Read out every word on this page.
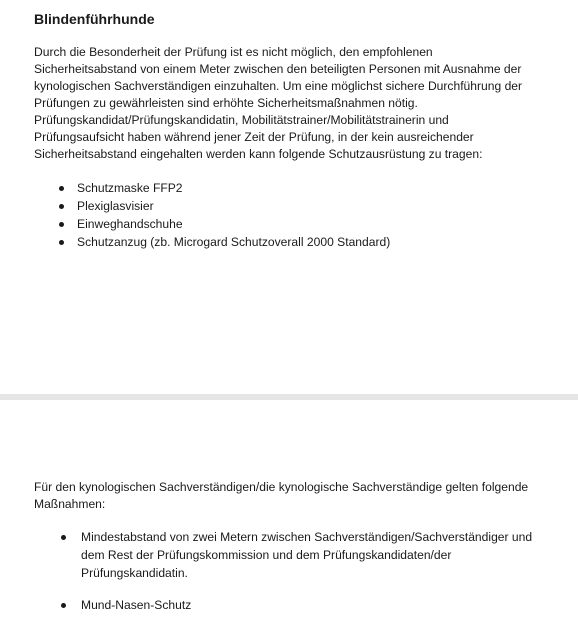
Blindenführhunde
Durch die Besonderheit der Prüfung ist es nicht möglich, den empfohlenen
Sicherheitsabstand von einem Meter zwischen den beteiligten Personen mit Ausnahme der
kynologischen Sachverständigen einzuhalten. Um eine möglichst sichere Durchführung der
Prüfungen zu gewährleisten sind erhöhte Sicherheitsmaßnahmen nötig.
Prüfungskandidat/Prüfungskandidatin, Mobilitätstrainer/Mobilitätstrainerin und
Prüfungsaufsicht haben während jener Zeit der Prüfung, in der kein ausreichender
Sicherheitsabstand eingehalten werden kann folgende Schutzausrüstung zu tragen:
Schutzmaske FFP2
Plexiglasvisier
Einweghandschuhe
Schutzanzug (zb. Microgard Schutzoverall 2000 Standard)
Für den kynologischen Sachverständigen/die kynologische Sachverständige gelten folgende
Maßnahmen:
Mindestabstand von zwei Metern zwischen Sachverständigen/Sachverständiger und
dem Rest der Prüfungskommission und dem Prüfungskandidaten/der
Prüfungskandidatin.
Mund-Nasen-Schutz
